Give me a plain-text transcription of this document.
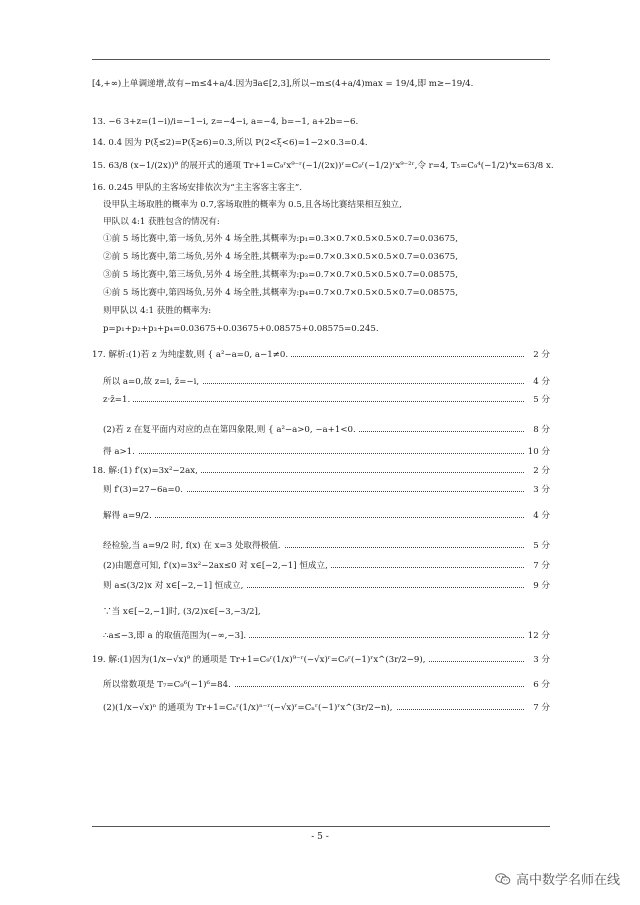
[4,+∞)上单调递增,故有−m≤4+a/4.因为∃a∈[2,3],所以−m≤(4+a/4)max = 19/4,即 m≥−19/4.
13. −6 3+z=(1−i)/i=−1−i, z=−4−i, a=−4, b=−1, a+2b=−6.
14. 0.4 因为 P(ξ≤2)=P(ξ≥6)=0.3,所以 P(2<ξ<6)=1−2×0.3=0.4.
15. 63/8 (x−1/(2x))⁹ 的展开式的通项 Tr+1=C₉ʳx⁹⁻ʳ(−1/(2x))ʳ=C₉ʳ(−1/2)ʳx⁹⁻²ʳ,令 r=4, T₅=C₉⁴(−1/2)⁴x=63/8 x.
16. 0.245 甲队的主客场安排依次为“主主客客主客主”.
设甲队主场取胜的概率为 0.7,客场取胜的概率为 0.5,且各场比赛结果相互独立,
甲队以 4:1 获胜包含的情况有:
①前 5 场比赛中,第一场负,另外 4 场全胜,其概率为:p₁=0.3×0.7×0.5×0.5×0.7=0.03675,
②前 5 场比赛中,第二场负,另外 4 场全胜,其概率为:p₂=0.7×0.3×0.5×0.5×0.7=0.03675,
③前 5 场比赛中,第三场负,另外 4 场全胜,其概率为:p₃=0.7×0.7×0.5×0.5×0.7=0.08575,
④前 5 场比赛中,第四场负,另外 4 场全胜,其概率为:p₄=0.7×0.7×0.5×0.5×0.7=0.08575,
则甲队以 4:1 获胜的概率为:
p=p₁+p₂+p₃+p₄=0.03675+0.03675+0.08575+0.08575=0.245.
17. 解析:(1)若 z 为纯虚数,则 { a²−a=0, a−1≠0.	2 分
所以 a=0,故 z=i, z̄=−i,	4 分
z·z̄=1.	5 分
(2)若 z 在复平面内对应的点在第四象限,则 { a²−a>0, −a+1<0.	8 分
得 a>1.	10 分
18. 解:(1) f′(x)=3x²−2ax,	2 分
则 f′(3)=27−6a=0.	3 分
解得 a=9/2.	4 分
经检验,当 a=9/2 时, f(x) 在 x=3 处取得极值.	5 分
(2)由题意可知, f′(x)=3x²−2ax≤0 对 x∈[−2,−1] 恒成立,	7 分
则 a≤(3/2)x 对 x∈[−2,−1] 恒成立,	9 分
∵当 x∈[−2,−1]时, (3/2)x∈[−3,−3/2],
∴a≤−3,即 a 的取值范围为(−∞,−3].	12 分
19. 解:(1)因为(1/x−√x)⁹ 的通项是 Tr+1=C₉ʳ(1/x)⁹⁻ʳ(−√x)ʳ=C₉ʳ(−1)ʳx^(3r/2−9),	3 分
所以常数项是 T₇=C₉⁶(−1)⁶=84.	6 分
(2)(1/x−√x)ⁿ 的通项为 Tr+1=Cₙʳ(1/x)ⁿ⁻ʳ(−√x)ʳ=Cₙʳ(−1)ʳx^(3r/2−n),	7 分
- 5 -
高中数学名师在线
